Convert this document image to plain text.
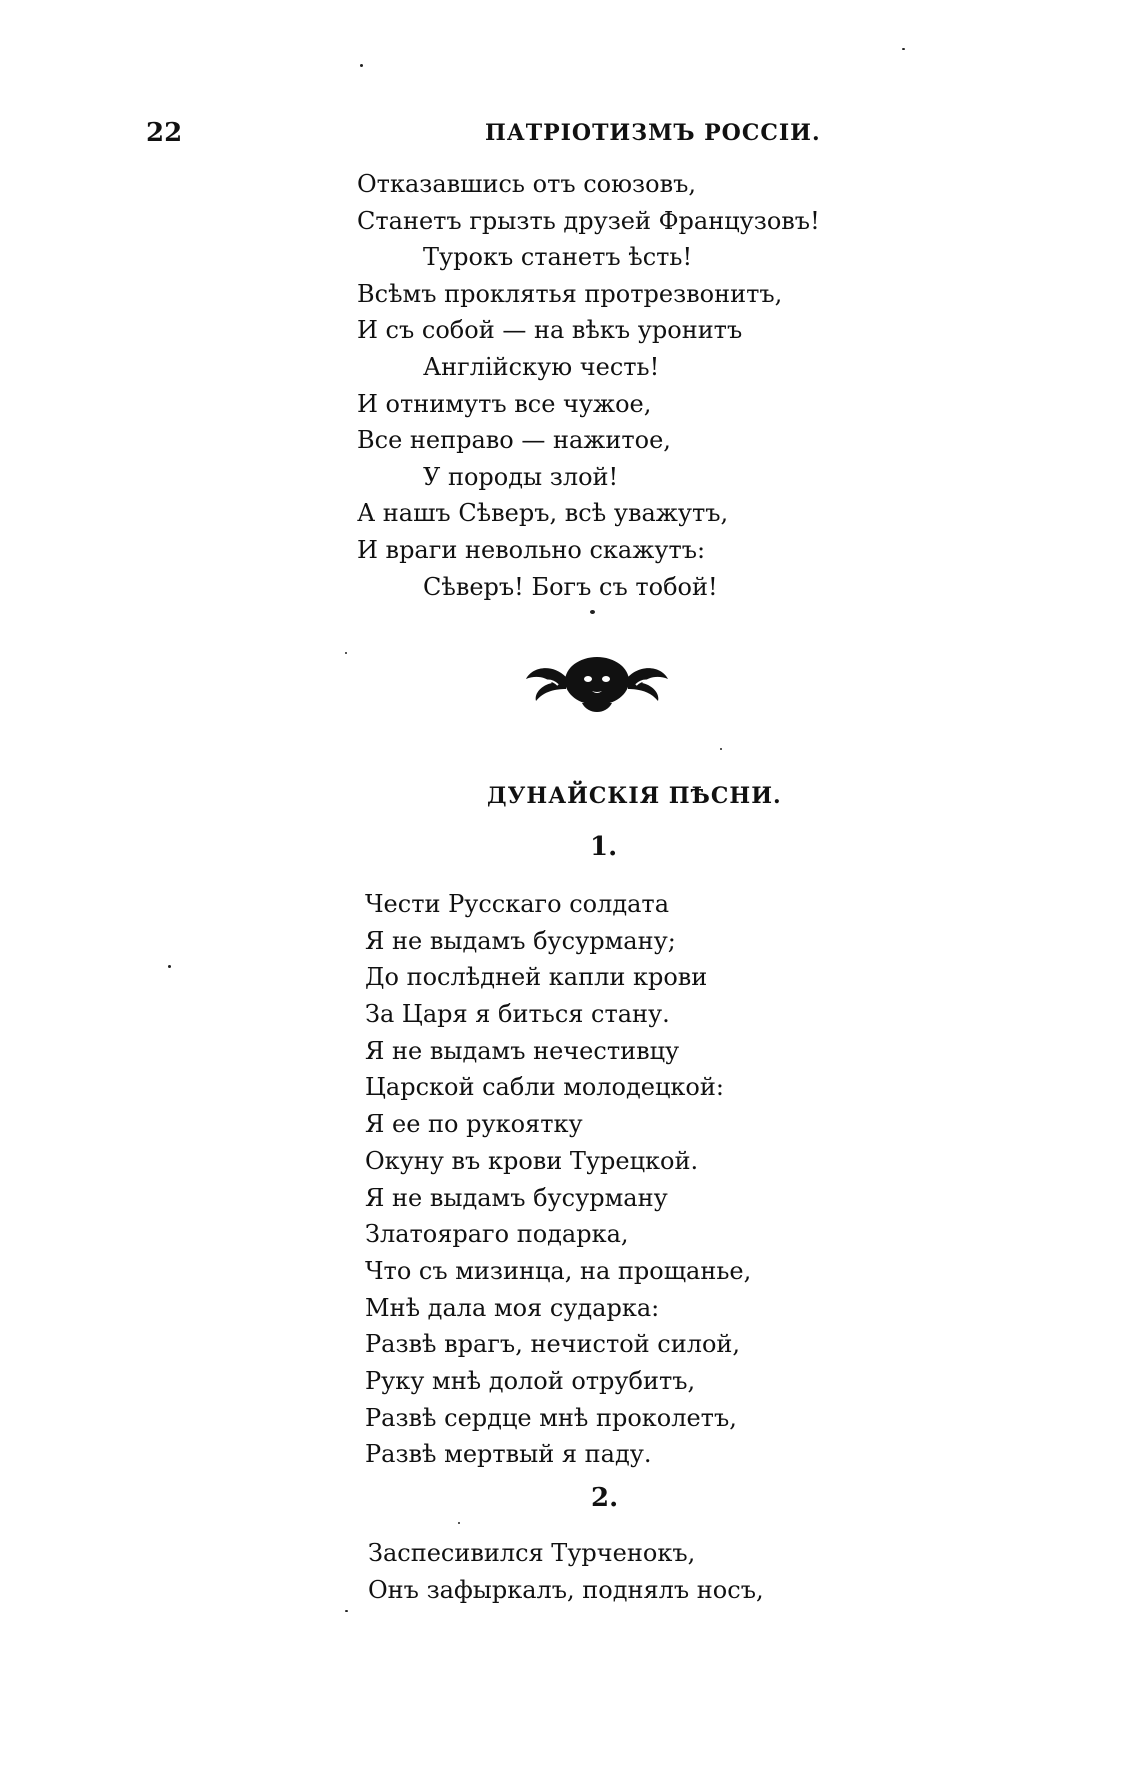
22	ПАТРІОТИЗМЪ РОССІИ.
Отказавшись отъ союзовъ,
Станетъ грызть друзей Французовъ!
Турокъ станетъ ѣсть!
Всѣмъ проклятья протрезвонитъ,
И съ собой — на вѣкъ уронитъ
Англійскую честь!
И отнимутъ все чужое,
Все неправо — нажитое,
У породы злой!
А нашъ Сѣверъ, всѣ уважутъ,
И враги невольно скажутъ:
Сѣверъ! Богъ съ тобой!
ДУНАЙСКІЯ ПѢСНИ.
1.
Чести Русскаго солдата
Я не выдамъ бусурману;
До послѣдней капли крови
За Царя я биться стану.
Я не выдамъ нечестивцу
Царской сабли молодецкой:
Я ее по рукоятку
Окуну въ крови Турецкой.
Я не выдамъ бусурману
Златояраго подарка,
Что съ мизинца, на прощанье,
Мнѣ дала моя сударка:
Развѣ врагъ, нечистой силой,
Руку мнѣ долой отрубитъ,
Развѣ сердце мнѣ проколетъ,
Развѣ мертвый я паду.
2.
Заспесивился Турченокъ,
Онъ зафыркалъ, поднялъ носъ,
